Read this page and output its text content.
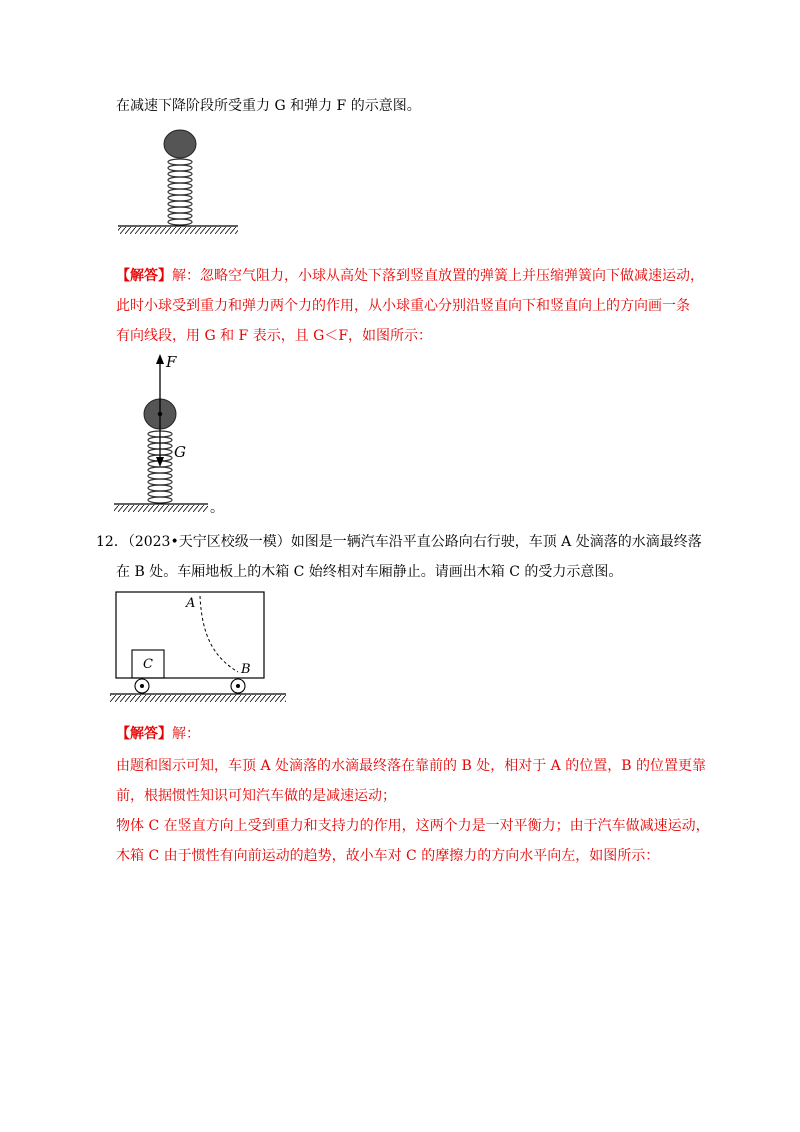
在减速下降阶段所受重力 G 和弹力 F 的示意图。
【解答】解：忽略空气阻力，小球从高处下落到竖直放置的弹簧上并压缩弹簧向下做减速运动，
此时小球受到重力和弹力两个力的作用，从小球重心分别沿竖直向下和竖直向上的方向画一条
有向线段，用 G 和 F 表示，且 G＜F，如图所示：
F
G
。
12．（2023•天宁区校级一模）如图是一辆汽车沿平直公路向右行驶，车顶 A 处滴落的水滴最终落
在 B 处。车厢地板上的木箱 C 始终相对车厢静止。请画出木箱 C 的受力示意图。
A
B
C
【解答】解：
由题和图示可知，车顶 A 处滴落的水滴最终落在靠前的 B 处，相对于 A 的位置，B 的位置更靠
前，根据惯性知识可知汽车做的是减速运动；
物体 C 在竖直方向上受到重力和支持力的作用，这两个力是一对平衡力；由于汽车做减速运动，
木箱 C 由于惯性有向前运动的趋势，故小车对 C 的摩擦力的方向水平向左，如图所示：
